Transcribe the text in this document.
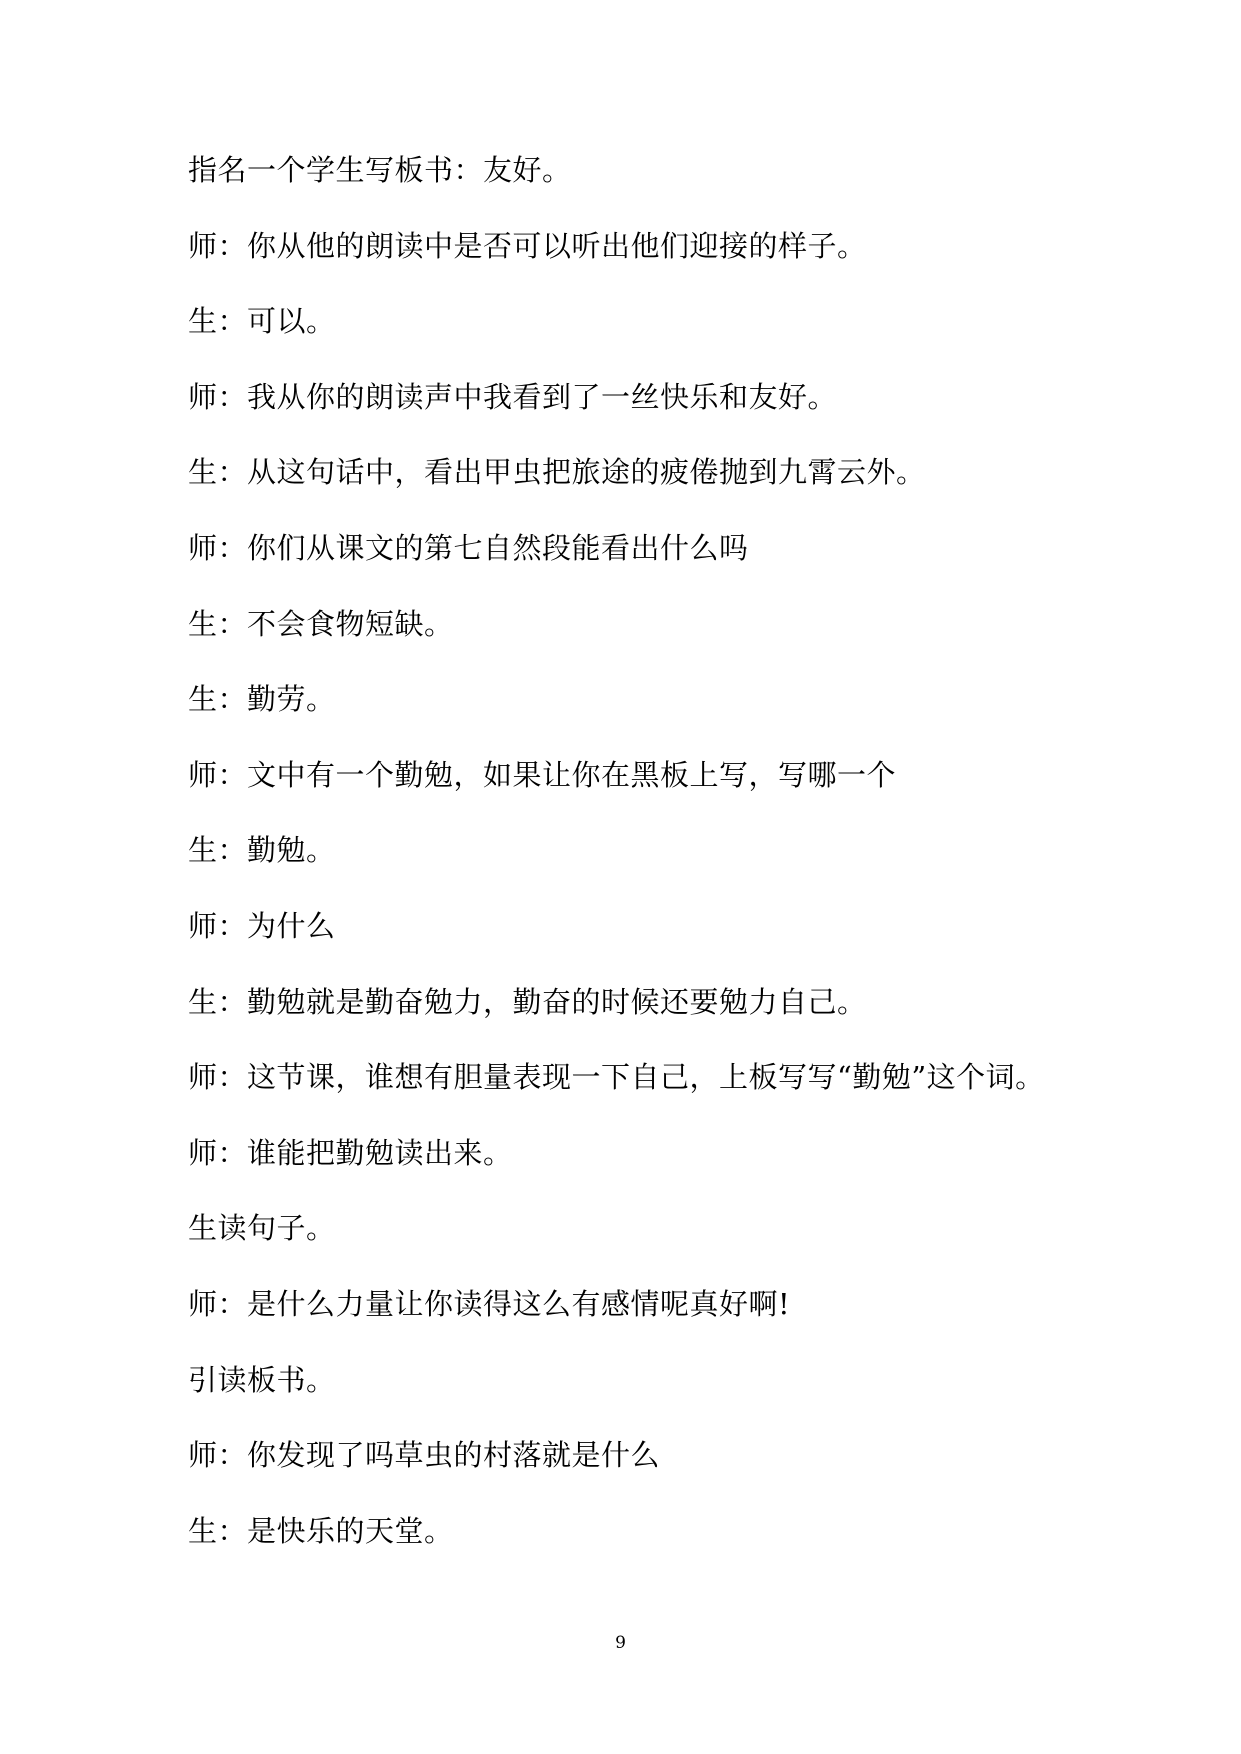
指名一个学生写板书：友好。
师：你从他的朗读中是否可以听出他们迎接的样子。
生：可以。
师：我从你的朗读声中我看到了一丝快乐和友好。
生：从这句话中，看出甲虫把旅途的疲倦抛到九霄云外。
师：你们从课文的第七自然段能看出什么吗
生：不会食物短缺。
生：勤劳。
师：文中有一个勤勉，如果让你在黑板上写，写哪一个
生：勤勉。
师：为什么
生：勤勉就是勤奋勉力，勤奋的时候还要勉力自己。
师：这节课，谁想有胆量表现一下自己，上板写写“勤勉”这个词。
师：谁能把勤勉读出来。
生读句子。
师：是什么力量让你读得这么有感情呢真好啊!
引读板书。
师：你发现了吗草虫的村落就是什么
生：是快乐的天堂。
9
